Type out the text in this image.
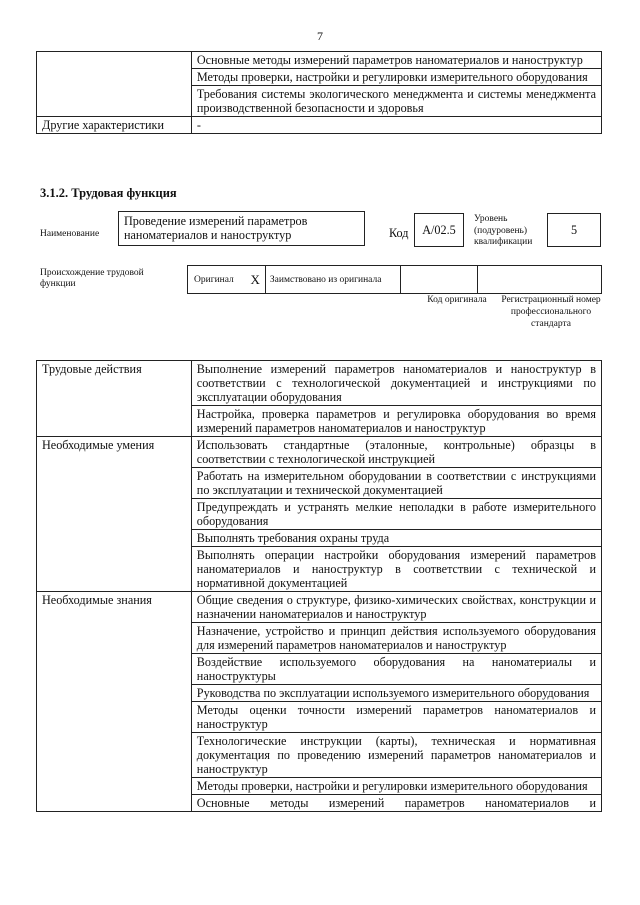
7
	Основные методы измерений параметров наноматериалов и наноструктур
	Методы проверки, настройки и регулировки измерительного оборудования
	Требования системы экологического менеджмента и системы менеджмента производственной безопасности и здоровья
Другие характеристики	-
3.1.2. Трудовая функция
Наименование
Проведение измерений параметров наноматериалов и наноструктур	Код	А/02.5
Уровень (подуровень) квалификации
5
Происхождение трудовой функции	Оригинал	X	Заимствовано из оригинала		
Код оригинала	Регистрационный номер профессионального стандарта
Трудовые действия	Выполнение измерений параметров наноматериалов и наноструктур в соответствии с технологической документацией и инструкциями по эксплуатации оборудования
	Настройка, проверка параметров и регулировка оборудования во время измерений параметров наноматериалов и наноструктур
Необходимые умения	Использовать стандартные (эталонные, контрольные) образцы в соответствии с технологической инструкцией
	Работать на измерительном оборудовании в соответствии с инструкциями по эксплуатации и технической документацией
	Предупреждать и устранять мелкие неполадки в работе измерительного оборудования
	Выполнять требования охраны труда
	Выполнять операции настройки оборудования измерений параметров наноматериалов и наноструктур в соответствии с технической и нормативной документацией
Необходимые знания	Общие сведения о структуре, физико-химических свойствах, конструкции и назначении наноматериалов и наноструктур
	Назначение, устройство и принцип действия используемого оборудования для измерений параметров наноматериалов и наноструктур
	Воздействие используемого оборудования на наноматериалы и наноструктуры
	Руководства по эксплуатации используемого измерительного оборудования
	Методы оценки точности измерений параметров наноматериалов и наноструктур
	Технологические инструкции (карты), техническая и нормативная документация по проведению измерений параметров наноматериалов и наноструктур
	Методы проверки, настройки и регулировки измерительного оборудования
	Основные методы измерений параметров наноматериалов и
